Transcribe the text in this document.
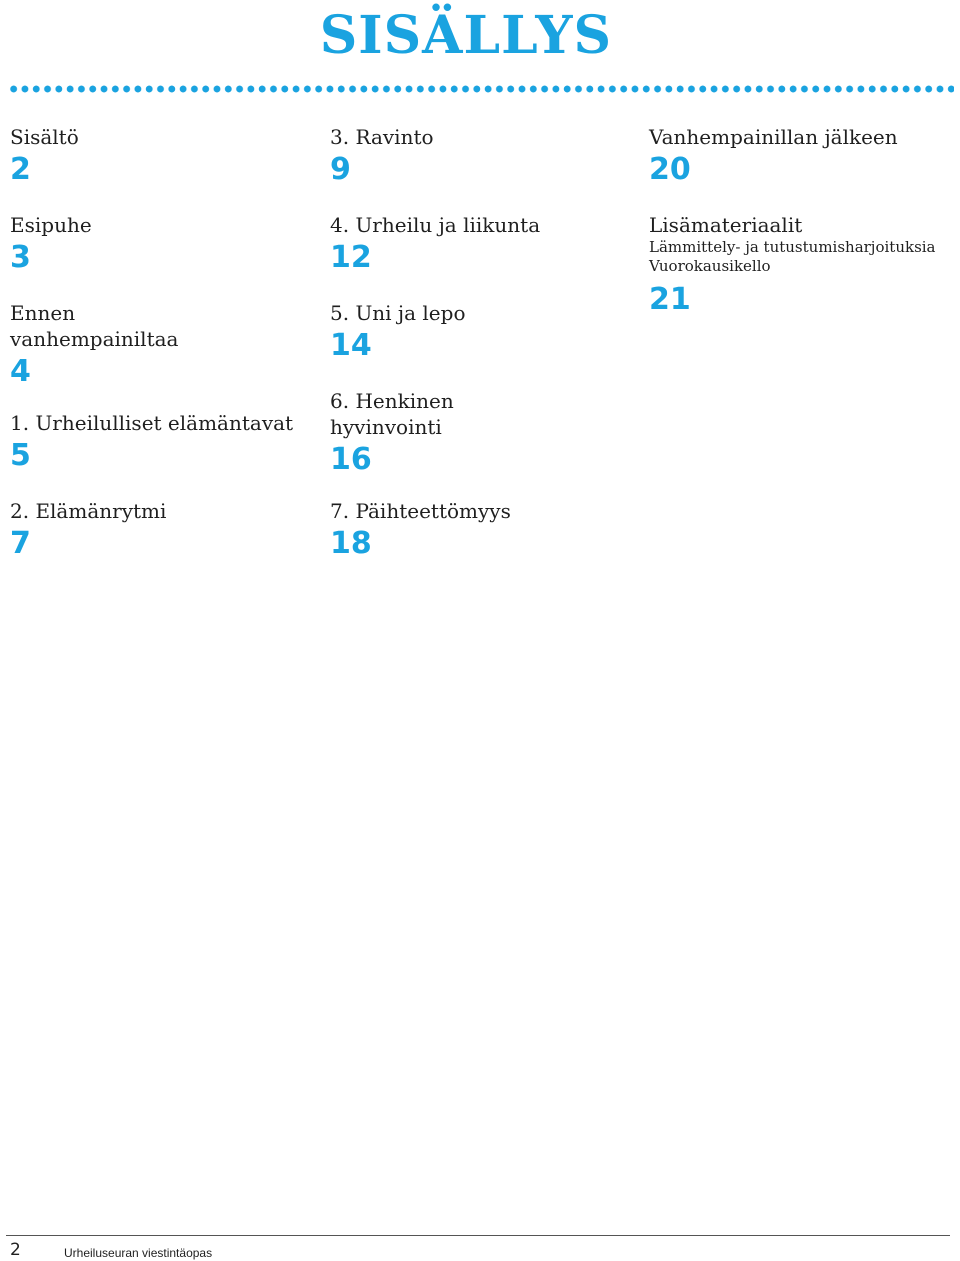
SISÄLLYS
Sisältö
2
Esipuhe
3
Ennen vanhempainiltaa
4
1. Urheilulliset elämäntavat
5
2. Elämänrytmi
7
3. Ravinto
9
4. Urheilu ja liikunta
12
5. Uni ja lepo
14
6. Henkinen hyvinvointi
16
7. Päihteettömyys
18
Vanhempainillan jälkeen
20
Lisämateriaalit
Lämmittely- ja tutustumisharjoituksia
Vuorokausikello
21
2	Urheiluseuran viestintäopas
